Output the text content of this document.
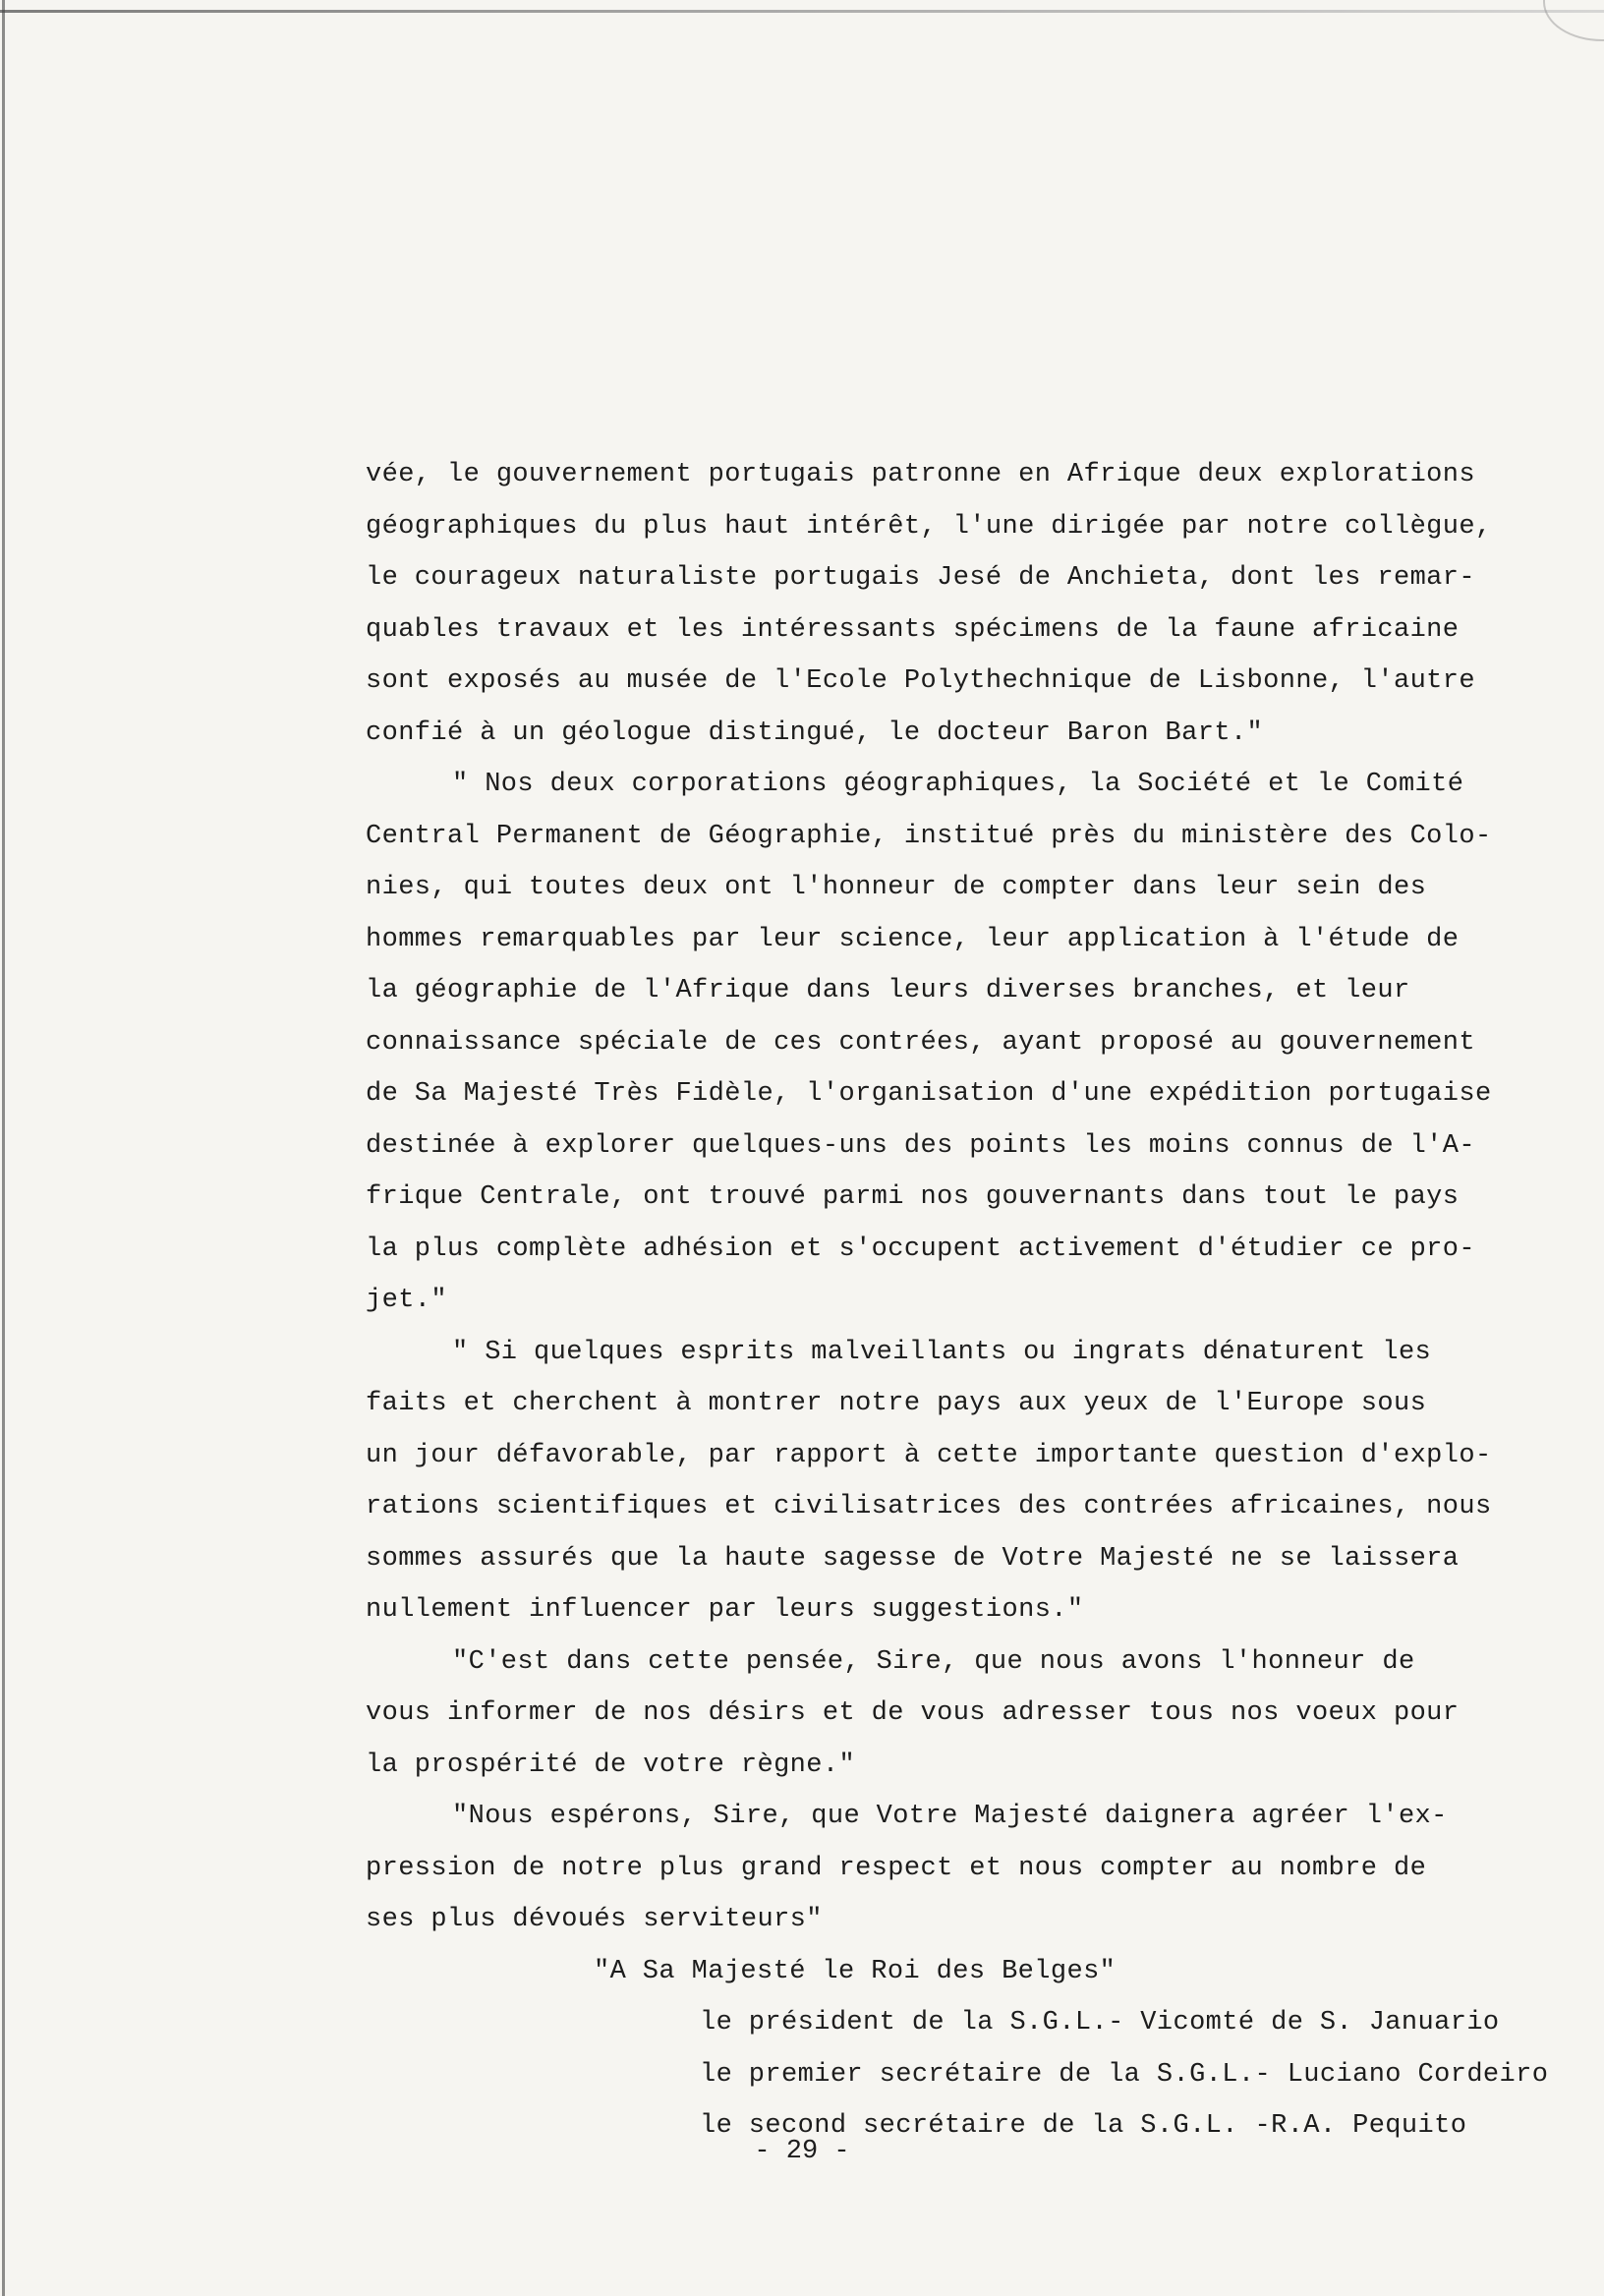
vée, le gouvernement portugais patronne en Afrique deux explorations
géographiques du plus haut intérêt, l'une dirigée par notre collègue,
le courageux naturaliste portugais Jesé de Anchieta, dont les remar-
quables travaux et les intéressants spécimens de la faune africaine
sont exposés au musée de l'Ecole Polythechnique de Lisbonne, l'autre
confié à un géologue distingué, le docteur Baron Bart."
" Nos deux corporations géographiques, la Société et le Comité
Central Permanent de Géographie, institué près du ministère des Colo-
nies, qui toutes deux ont l'honneur de compter dans leur sein des
hommes remarquables par leur science, leur application à l'étude de
la géographie de l'Afrique dans leurs diverses branches, et leur
connaissance spéciale de ces contrées, ayant proposé au gouvernement
de Sa Majesté Très Fidèle, l'organisation d'une expédition portugaise
destinée à explorer quelques-uns des points les moins connus de l'A-
frique Centrale, ont trouvé parmi nos gouvernants dans tout le pays
la plus complète adhésion et s'occupent activement d'étudier ce pro-
jet."
" Si quelques esprits malveillants ou ingrats dénaturent les
faits et cherchent à montrer notre pays aux yeux de l'Europe sous
un jour défavorable, par rapport à cette importante question d'explo-
rations scientifiques et civilisatrices des contrées africaines, nous
sommes assurés que la haute sagesse de Votre Majesté ne se laissera
nullement influencer par leurs suggestions."
"C'est dans cette pensée, Sire, que nous avons l'honneur de
vous informer de nos désirs et de vous adresser tous nos voeux pour
la prospérité de votre règne."
"Nous espérons, Sire, que Votre Majesté daignera agréer l'ex-
pression de notre plus grand respect et nous compter au nombre de
ses plus dévoués serviteurs"
"A Sa Majesté le Roi des Belges"
le président de la S.G.L.- Vicomté de S. Januario
le premier secrétaire de la S.G.L.- Luciano Cordeiro
le second secrétaire de la S.G.L. -R.A. Pequito
- 29 -
